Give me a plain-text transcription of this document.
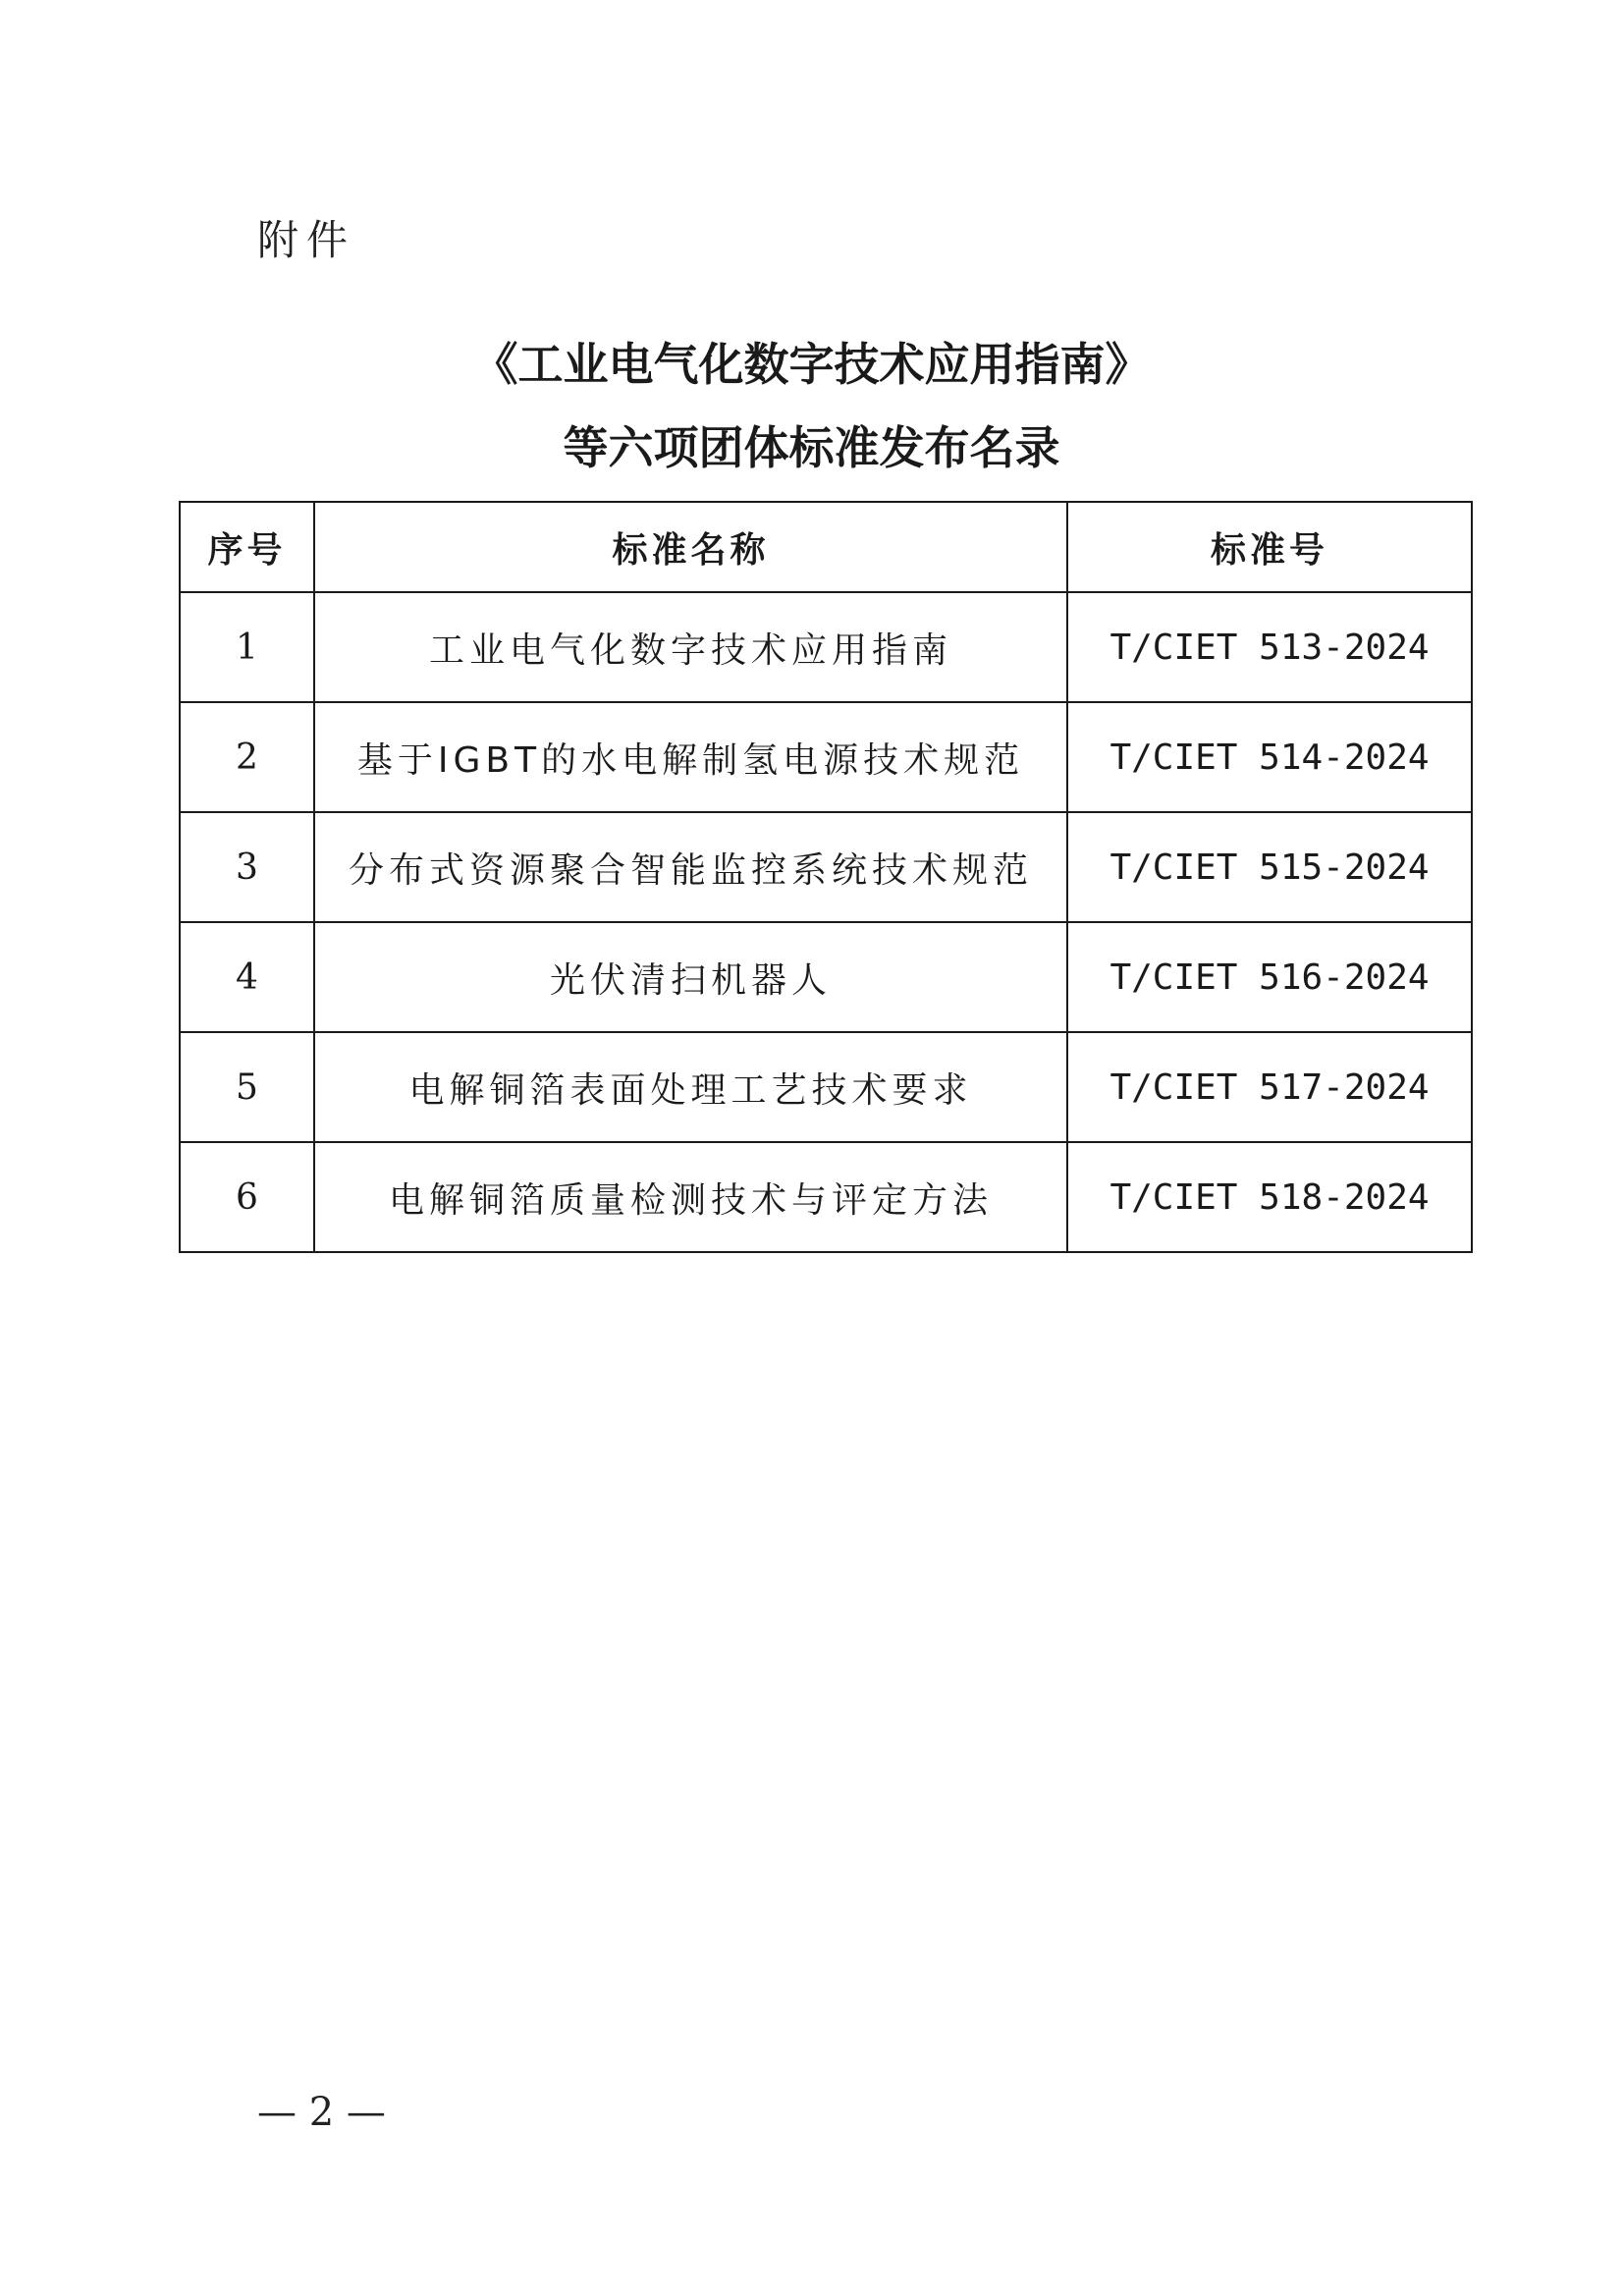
附件
《工业电气化数字技术应用指南》
等六项团体标准发布名录
序号	标准名称	标准号
1	工业电气化数字技术应用指南	T/CIET 513-2024
2	基于IGBT的水电解制氢电源技术规范	T/CIET 514-2024
3	分布式资源聚合智能监控系统技术规范	T/CIET 515-2024
4	光伏清扫机器人	T/CIET 516-2024
5	电解铜箔表面处理工艺技术要求	T/CIET 517-2024
6	电解铜箔质量检测技术与评定方法	T/CIET 518-2024
— 2 —
